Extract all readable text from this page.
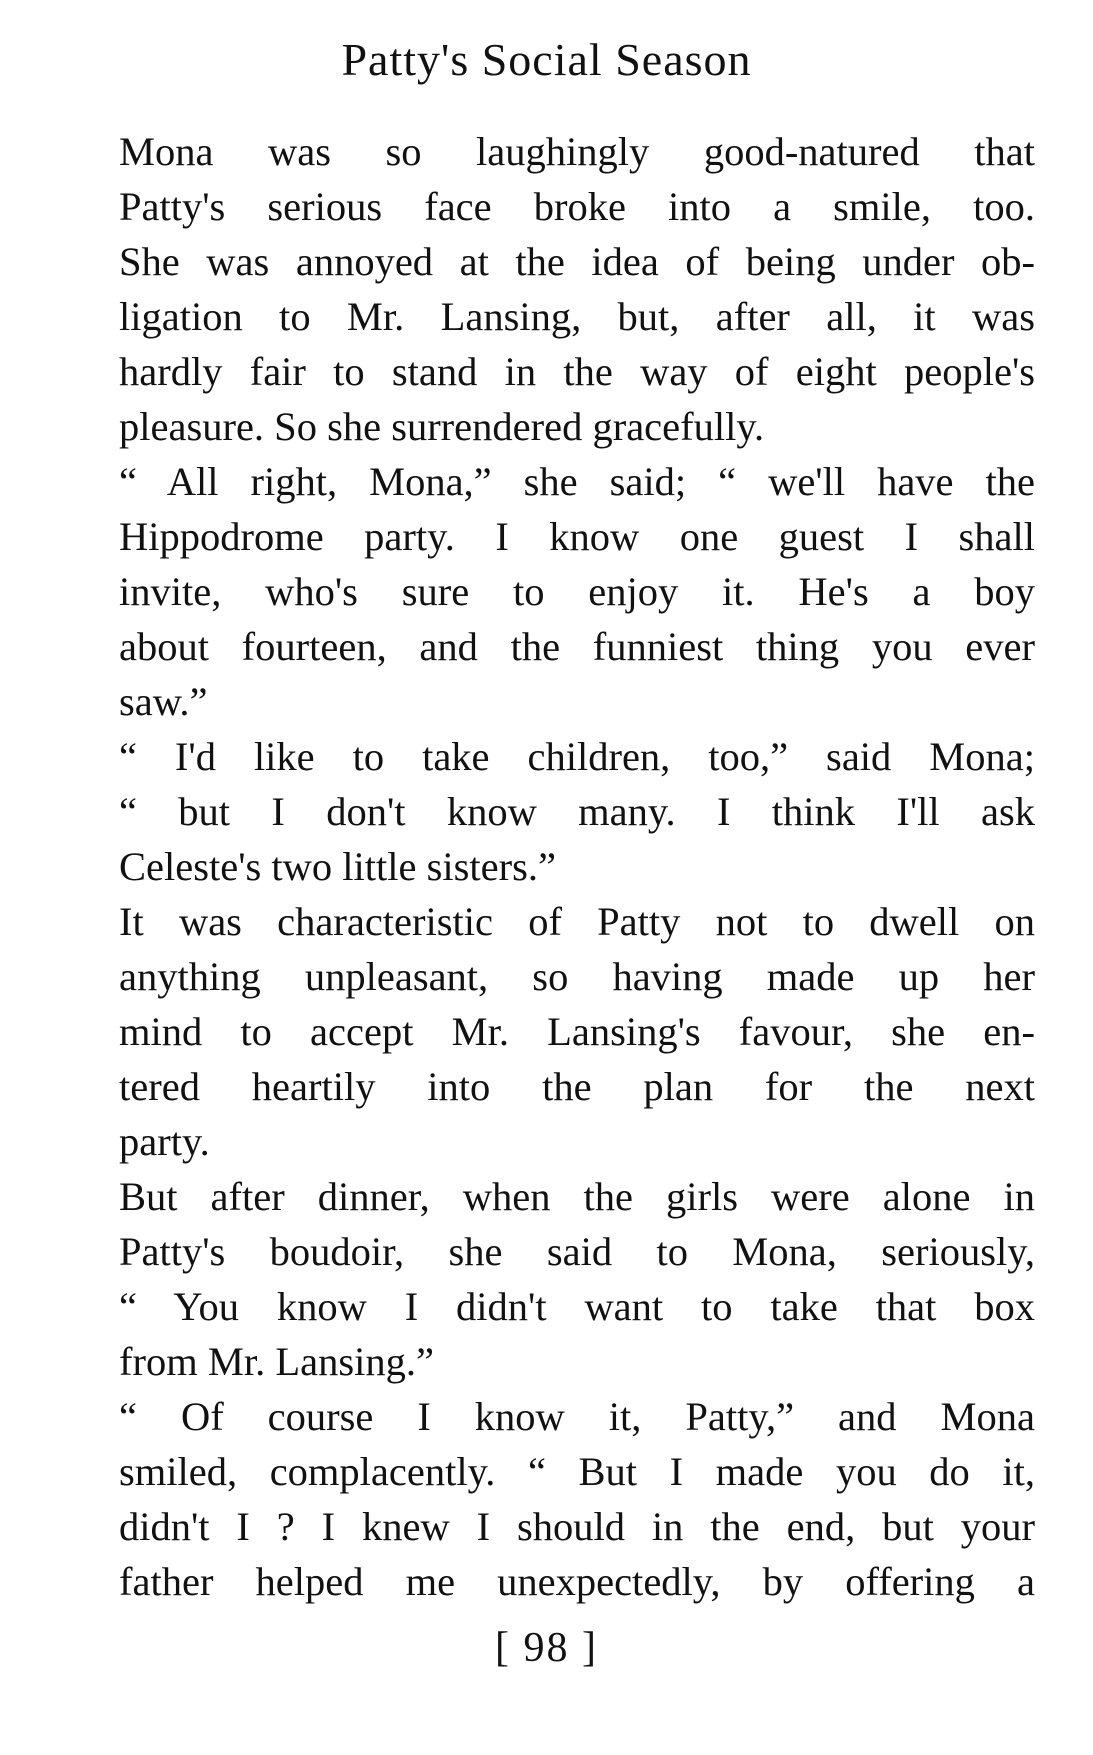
Patty's Social Season

Mona was so laughingly good-natured that
Patty's serious face broke into a smile, too.
She was annoyed at the idea of being under ob-
ligation to Mr. Lansing, but, after all, it was
hardly fair to stand in the way of eight people's
pleasure. So she surrendered gracefully.

“ All right, Mona,” she said; “ we'll have the
Hippodrome party. I know one guest I shall
invite, who's sure to enjoy it. He's a boy
about fourteen, and the funniest thing you ever
saw.”

“ I'd like to take children, too,” said Mona;
“ but I don't know many. I think I'll ask
Celeste's two little sisters.”

It was characteristic of Patty not to dwell on
anything unpleasant, so having made up her
mind to accept Mr. Lansing's favour, she en-
tered heartily into the plan for the next
party.

But after dinner, when the girls were alone in
Patty's boudoir, she said to Mona, seriously,
“ You know I didn't want to take that box
from Mr. Lansing.”

“ Of course I know it, Patty,” and Mona
smiled, complacently. “ But I made you do it,
didn't I ? I knew I should in the end, but your
father helped me unexpectedly, by offering a

[ 98 ]
